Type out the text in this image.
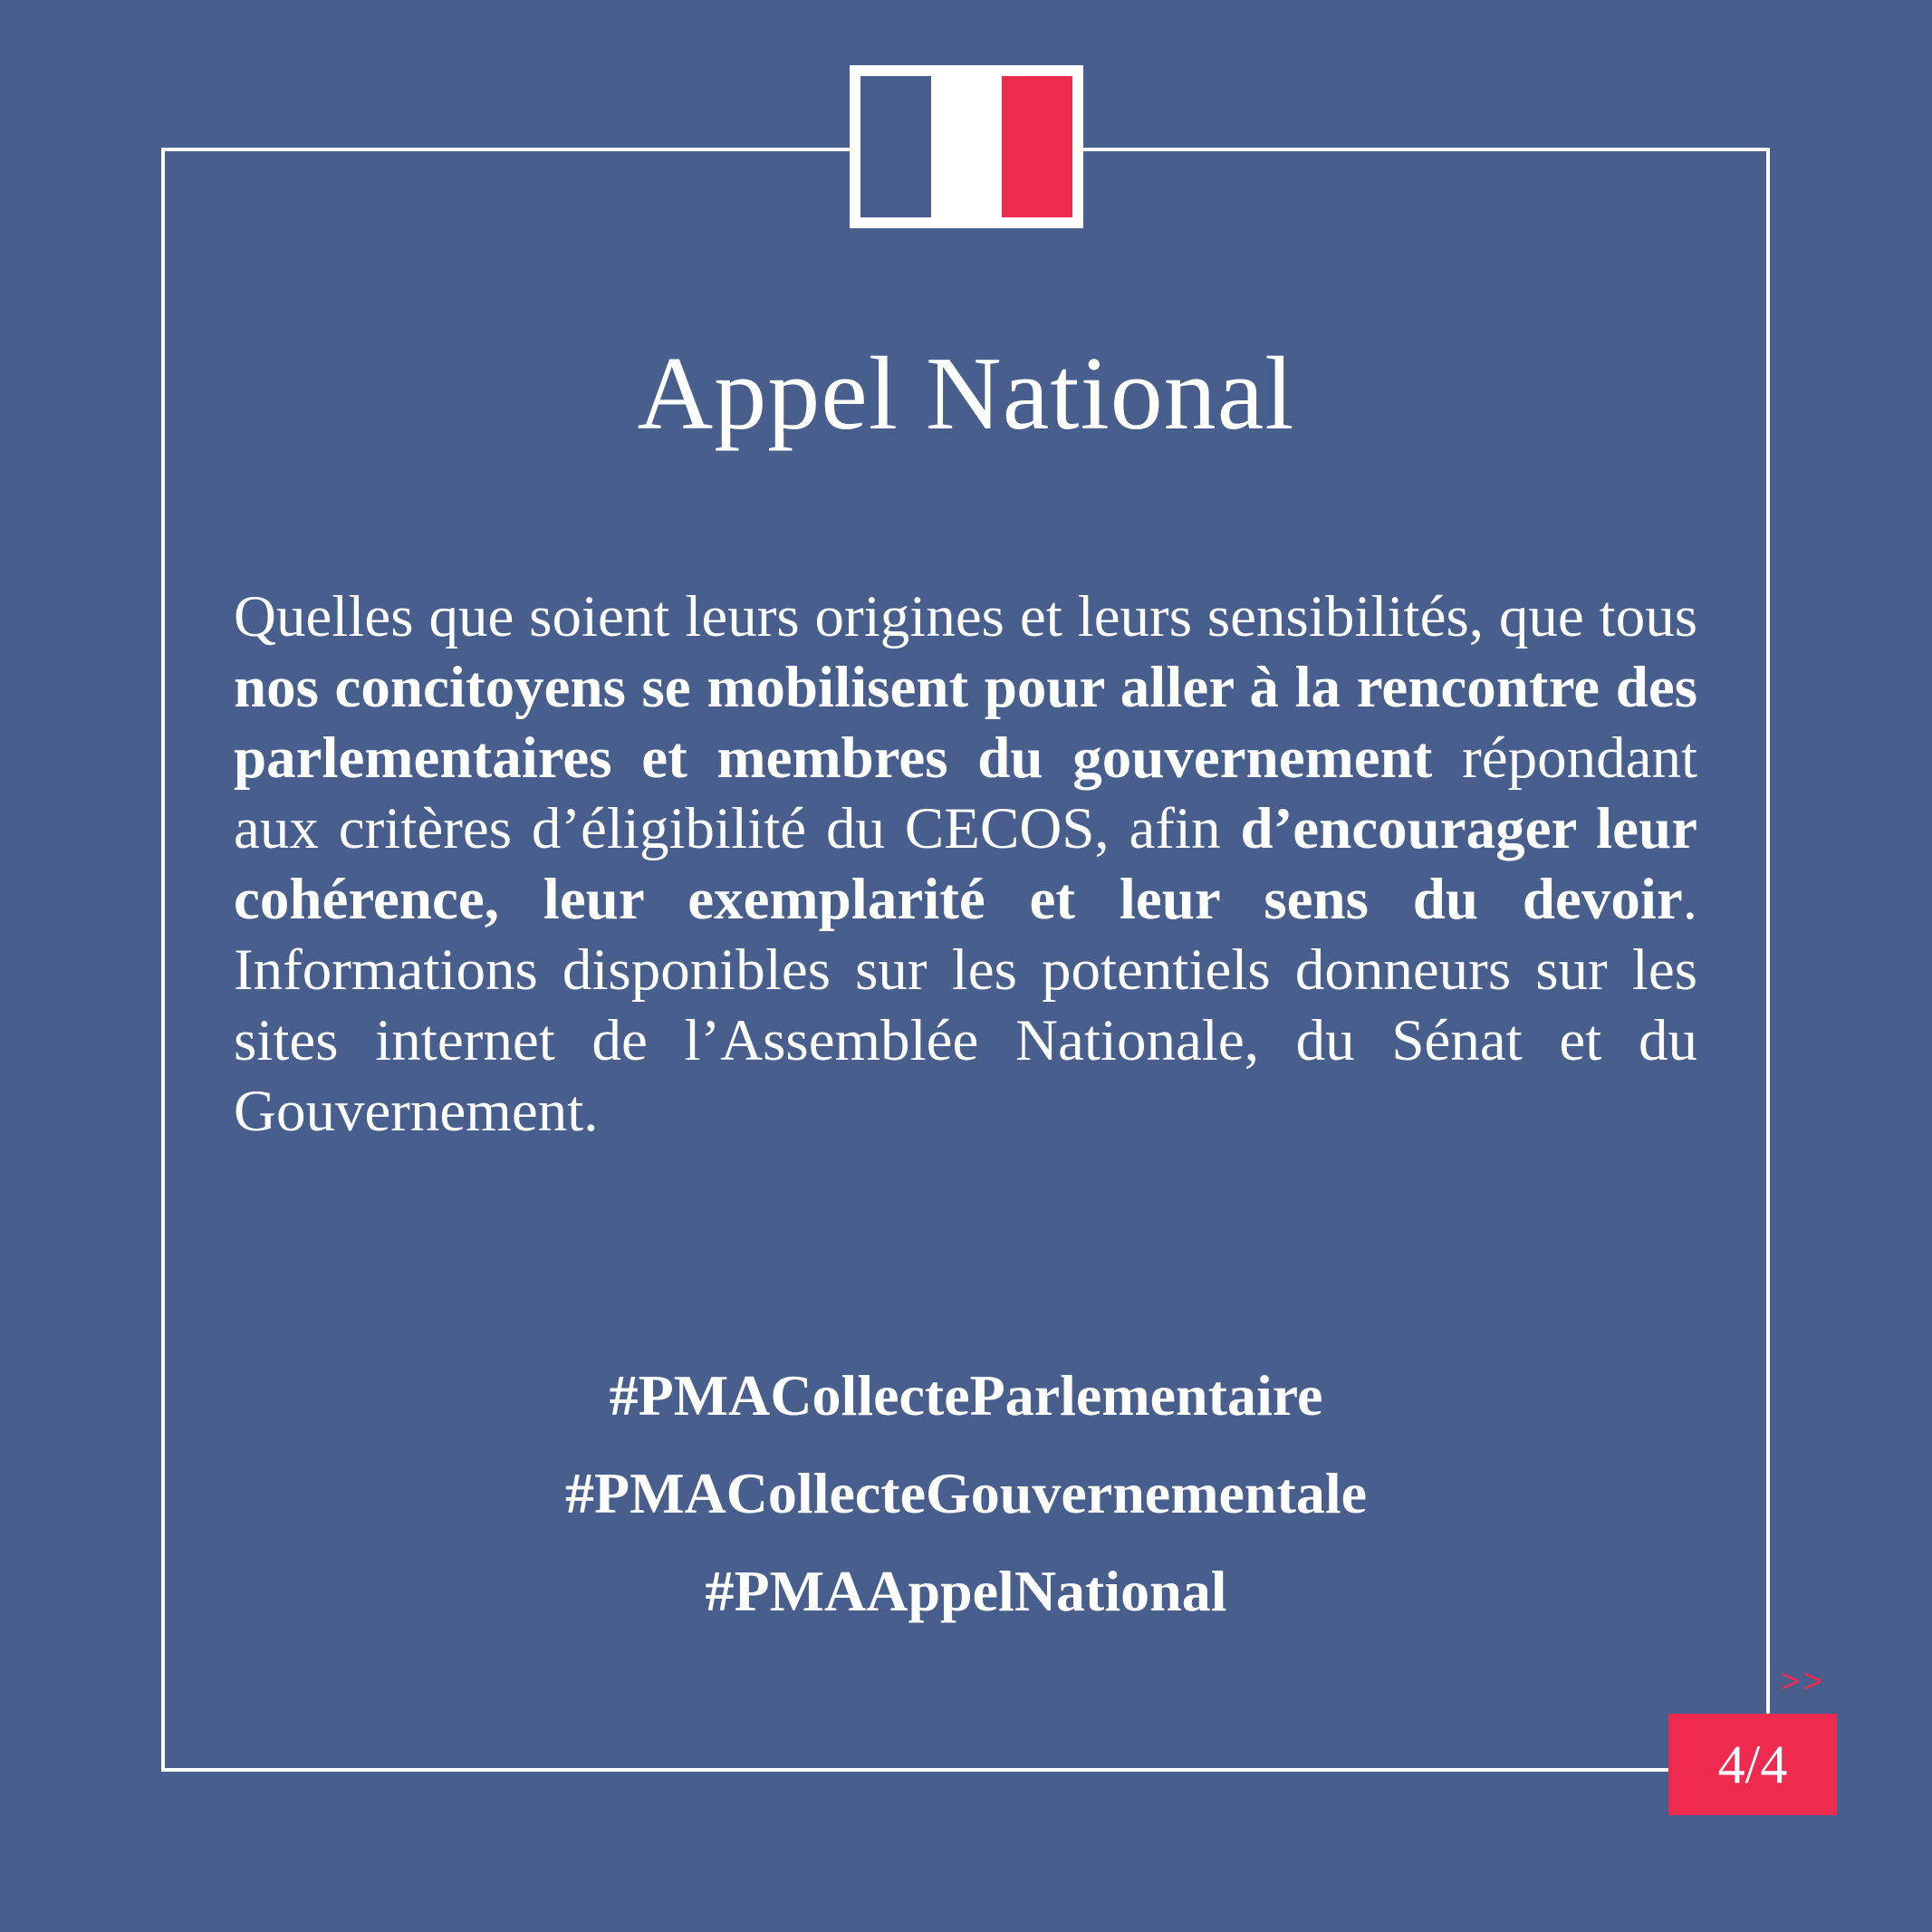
Appel National

Quelles que soient leurs origines et leurs sensibilités, que tous nos concitoyens se mobilisent pour aller à la rencontre des parlementaires et membres du gouvernement répondant aux critères d’éligibilité du CECOS, afin d’encourager leur cohérence, leur exemplarité et leur sens du devoir. Informations disponibles sur les potentiels donneurs sur les sites internet de l’Assemblée Nationale, du Sénat et du Gouvernement.

#PMACollecteParlementaire
#PMACollecteGouvernementale
#PMAAppelNational
>>
4/4
